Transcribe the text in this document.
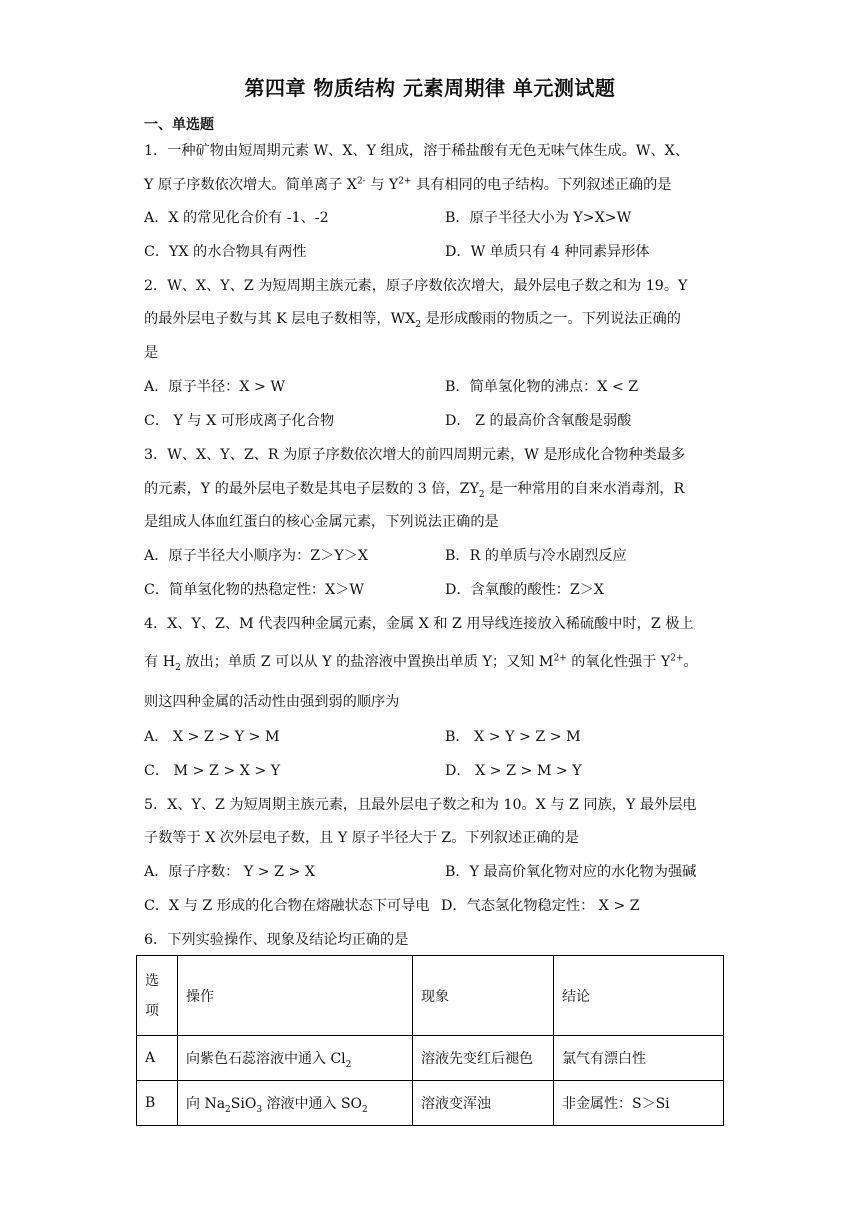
第四章 物质结构 元素周期律 单元测试题
一、单选题
1．一种矿物由短周期元素 W、X、Y 组成，溶于稀盐酸有无色无味气体生成。W、X、
Y 原子序数依次增大。简单离子 $X^{2-}$ 与 $Y^{2+}$ 具有相同的电子结构。下列叙述正确的是
A．X 的常见化合价有 -1、-2	B．原子半径大小为 Y>X>W
C．YX 的水合物具有两性	D．W 单质只有 4 种同素异形体
2．W、X、Y、Z 为短周期主族元素，原子序数依次增大，最外层电子数之和为 19。Y
的最外层电子数与其 K 层电子数相等，$WX_2$ 是形成酸雨的物质之一。下列说法正确的
是
A．原子半径：X > W	B．简单氢化物的沸点：X < Z
C． Y 与 X 可形成离子化合物	D． Z 的最高价含氧酸是弱酸
3．W、X、Y、Z、R 为原子序数依次增大的前四周期元素，W 是形成化合物种类最多
的元素，Y 的最外层电子数是其电子层数的 3 倍，$ZY_2$ 是一种常用的自来水消毒剂，R
是组成人体血红蛋白的核心金属元素，下列说法正确的是
A．原子半径大小顺序为：Z＞Y＞X	B．R 的单质与冷水剧烈反应
C．简单氢化物的热稳定性：X＞W	D．含氧酸的酸性：Z＞X
4．X、Y、Z、M 代表四种金属元素，金属 X 和 Z 用导线连接放入稀硫酸中时，Z 极上
有 $H_2$ 放出；单质 Z 可以从 Y 的盐溶液中置换出单质 Y；又知 $M^{2+}$ 的氧化性强于 $Y^{2+}$。
则这四种金属的活动性由强到弱的顺序为
A． X > Z > Y > M	B． X > Y > Z > M
C． M > Z > X > Y	D． X > Z > M > Y
5．X、Y、Z 为短周期主族元素，且最外层电子数之和为 10。X 与 Z 同族，Y 最外层电
子数等于 X 次外层电子数，且 Y 原子半径大于 Z。下列叙述正确的是
A．原子序数： Y > Z > X	B．Y 最高价氧化物对应的水化物为强碱
C．X 与 Z 形成的化合物在熔融状态下可导电 D．气态氢化物稳定性： X > Z
6．下列实验操作、现象及结论均正确的是
选
项	操作	现象	结论
A	向紫色石蕊溶液中通入 $Cl_2$	溶液先变红后褪色	氯气有漂白性
B	向 $Na_2SiO_3$ 溶液中通入 $SO_2$	溶液变浑浊	非金属性：S＞Si
